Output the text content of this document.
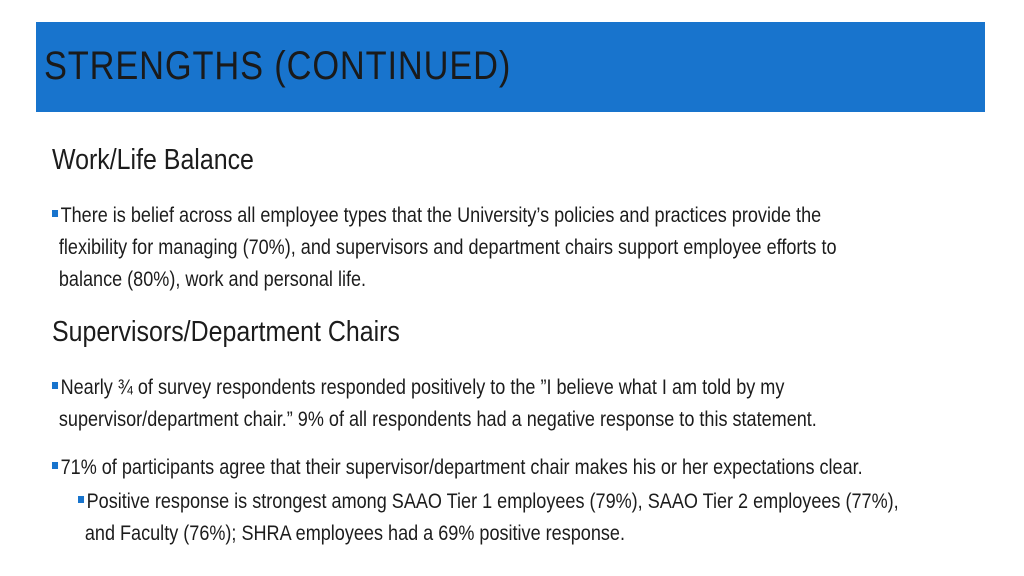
STRENGTHS (CONTINUED)
Work/Life Balance

There is belief across all employee types that the University’s policies and practices provide the
flexibility for managing (70%), and supervisors and department chairs support employee efforts to
balance (80%), work and personal life.

Supervisors/Department Chairs

Nearly ¾ of survey respondents responded positively to the ”I believe what I am told by my
supervisor/department chair.” 9% of all respondents had a negative response to this statement.

71% of participants agree that their supervisor/department chair makes his or her expectations clear.

Positive response is strongest among SAAO Tier 1 employees (79%), SAAO Tier 2 employees (77%),
and Faculty (76%); SHRA employees had a 69% positive response.
